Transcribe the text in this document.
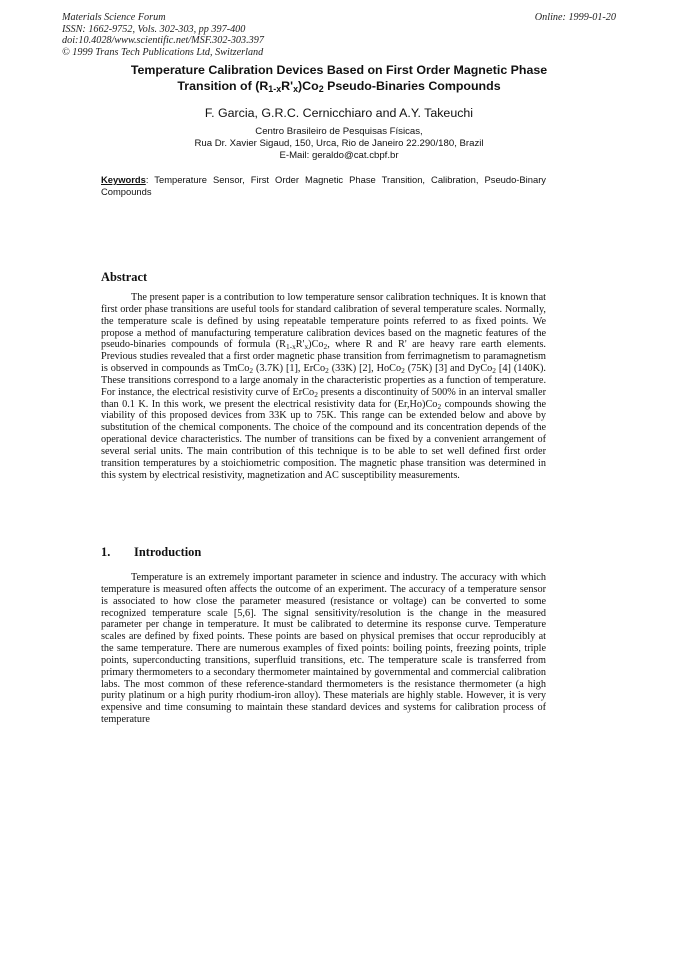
Materials Science Forum
ISSN: 1662-9752, Vols. 302-303, pp 397-400
doi:10.4028/www.scientific.net/MSF.302-303.397
© 1999 Trans Tech Publications Ltd, Switzerland
Online: 1999-01-20
Temperature Calibration Devices Based on First Order Magnetic Phase
Transition of $(R_{1-x}R'_x)Co_2$ Pseudo-Binaries Compounds
F. Garcia, G.R.C. Cernicchiaro and A.Y. Takeuchi
Centro Brasileiro de Pesquisas Físicas,
Rua Dr. Xavier Sigaud, 150, Urca, Rio de Janeiro 22.290/180, Brazil
E-Mail: geraldo@cat.cbpf.br
Keywords: Temperature Sensor, First Order Magnetic Phase Transition, Calibration, Pseudo-Binary Compounds
Abstract

The present paper is a contribution to low temperature sensor calibration techniques. It is known that first order phase transitions are useful tools for standard calibration of several temperature scales. Normally, the temperature scale is defined by using repeatable temperature points referred to as fixed points. We propose a method of manufacturing temperature calibration devices based on the magnetic features of the pseudo-binaries compounds of formula $(R_{1-x}R'_x)Co_2$, where R and R' are heavy rare earth elements. Previous studies revealed that a first order magnetic phase transition from ferrimagnetism to paramagnetism is observed in compounds as TmCo$_2$ (3.7K) [1], ErCo$_2$ (33K) [2], HoCo$_2$ (75K) [3] and DyCo$_2$ [4] (140K). These transitions correspond to a large anomaly in the characteristic properties as a function of temperature. For instance, the electrical resistivity curve of ErCo$_2$ presents a discontinuity of 500% in an interval smaller than 0.1 K. In this work, we present the electrical resistivity data for $(Er,Ho)Co_2$ compounds showing the viability of this proposed devices from 33K up to 75K. This range can be extended below and above by substitution of the chemical components. The choice of the compound and its concentration depends of the operational device characteristics. The number of transitions can be fixed by a convenient arrangement of several serial units. The main contribution of this technique is to be able to set well defined first order transition temperatures by a stoichiometric composition. The magnetic phase transition was determined in this system by electrical resistivity, magnetization and AC susceptibility measurements.

1. Introduction

Temperature is an extremely important parameter in science and industry. The accuracy with which temperature is measured often affects the outcome of an experiment. The accuracy of a temperature sensor is associated to how close the parameter measured (resistance or voltage) can be converted to some recognized temperature scale [5,6]. The signal sensitivity/resolution is the change in the measured parameter per change in temperature. It must be calibrated to determine its response curve. Temperature scales are defined by fixed points. These points are based on physical premises that occur reproducibly at the same temperature. There are numerous examples of fixed points: boiling points, freezing points, triple points, superconducting transitions, superfluid transitions, etc. The temperature scale is transferred from primary thermometers to a secondary thermometer maintained by governmental and commercial calibration labs. The most common of these reference-standard thermometers is the resistance thermometer (a high purity platinum or a high purity rhodium-iron alloy). These materials are highly stable. However, it is very expensive and time consuming to maintain these standard devices and systems for calibration process of temperature
